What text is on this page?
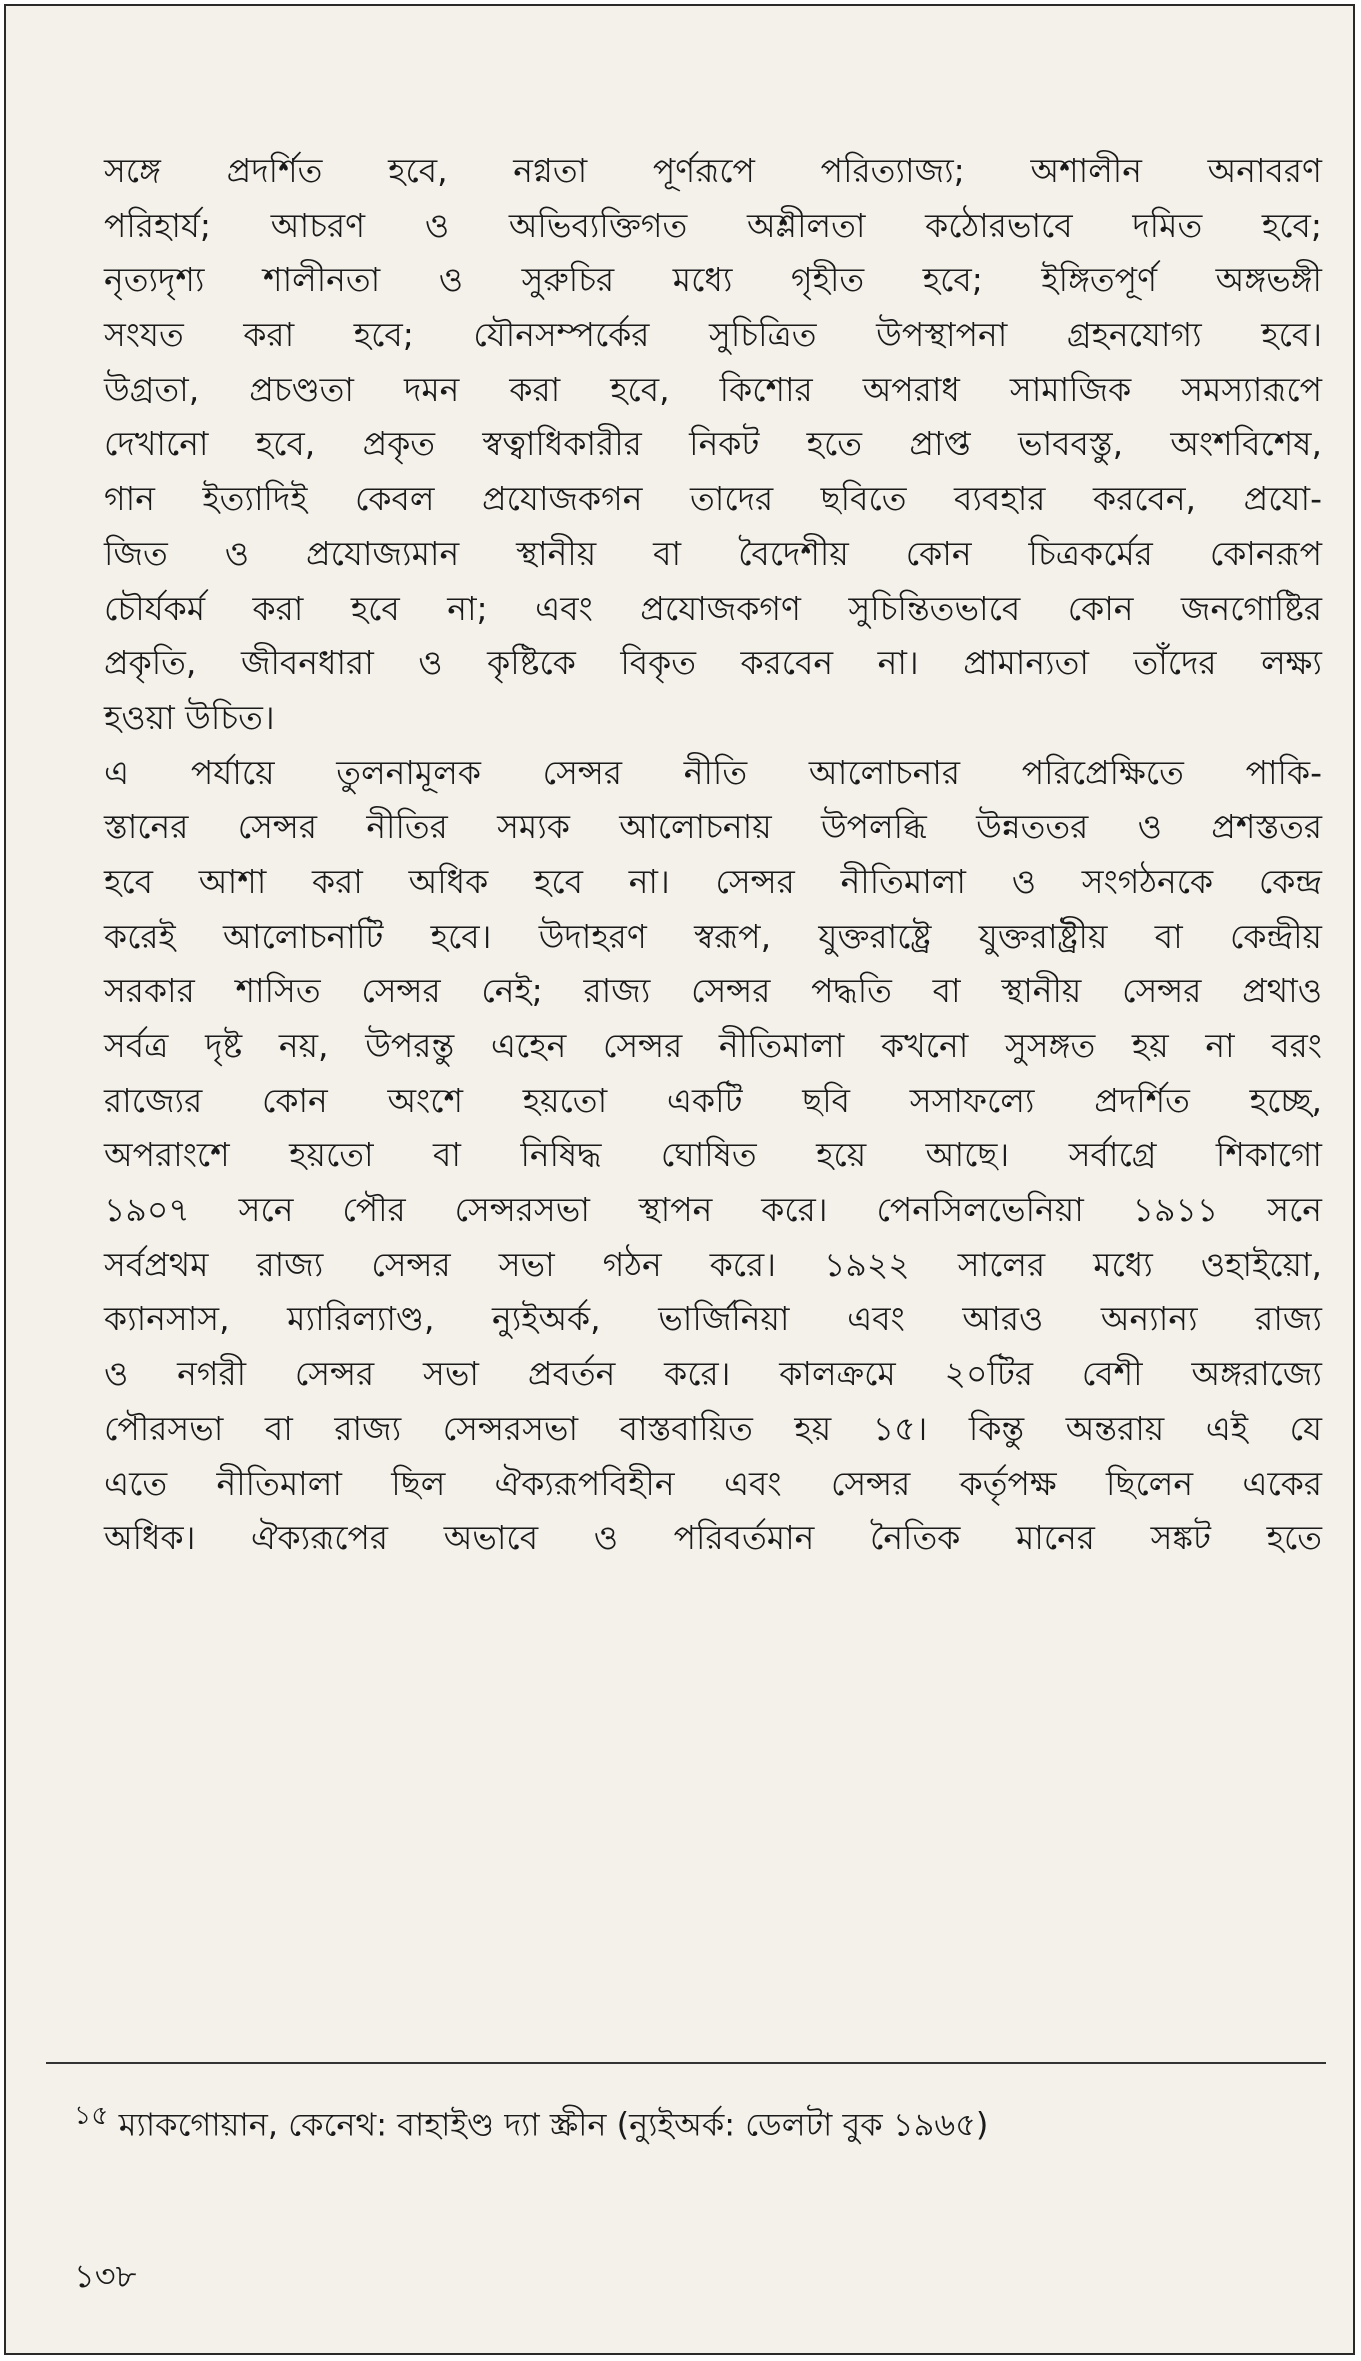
সঙ্গে প্রদর্শিত হবে, নগ্নতা পূর্ণরূপে পরিত্যাজ্য; অশালীন অনাবরণ
পরিহার্য; আচরণ ও অভিব্যক্তিগত অশ্লীলতা কঠোরভাবে দমিত হবে;
নৃত্যদৃশ্য শালীনতা ও সুরুচির মধ্যে গৃহীত হবে; ইঙ্গিতপূর্ণ অঙ্গভঙ্গী
সংযত করা হবে; যৌনসম্পর্কের সুচিত্রিত উপস্থাপনা গ্রহনযোগ্য হবে।
উগ্রতা, প্রচণ্ডতা দমন করা হবে, কিশোর অপরাধ সামাজিক সমস্যারূপে
দেখানো হবে, প্রকৃত স্বত্বাধিকারীর নিকট হতে প্রাপ্ত ভাববস্তু, অংশবিশেষ,
গান ইত্যাদিই কেবল প্রযোজকগন তাদের ছবিতে ব্যবহার করবেন, প্রযো-
জিত ও প্রযোজ্যমান স্থানীয় বা বৈদেশীয় কোন চিত্রকর্মের কোনরূপ
চৌর্যকর্ম করা হবে না; এবং প্রযোজকগণ সুচিন্তিতভাবে কোন জনগোষ্টির
প্রকৃতি, জীবনধারা ও কৃষ্টিকে বিকৃত করবেন না। প্রামান্যতা তাঁদের লক্ষ্য
হওয়া উচিত।
এ পর্যায়ে তুলনামূলক সেন্সর নীতি আলোচনার পরিপ্রেক্ষিতে পাকি-
স্তানের সেন্সর নীতির সম্যক আলোচনায় উপলব্ধি উন্নততর ও প্রশস্ততর
হবে আশা করা অধিক হবে না। সেন্সর নীতিমালা ও সংগঠনকে কেন্দ্র
করেই আলোচনাটি হবে। উদাহরণ স্বরূপ, যুক্তরাষ্ট্রে যুক্তরাষ্ট্রীয় বা কেন্দ্রীয়
সরকার শাসিত সেন্সর নেই; রাজ্য সেন্সর পদ্ধতি বা স্থানীয় সেন্সর প্রথাও
সর্বত্র দৃষ্ট নয়, উপরন্তু এহেন সেন্সর নীতিমালা কখনো সুসঙ্গত হয় না বরং
রাজ্যের কোন অংশে হয়তো একটি ছবি সসাফল্যে প্রদর্শিত হচ্ছে,
অপরাংশে হয়তো বা নিষিদ্ধ ঘোষিত হয়ে আছে। সর্বাগ্রে শিকাগো
১৯০৭ সনে পৌর সেন্সরসভা স্থাপন করে। পেনসিলভেনিয়া ১৯১১ সনে
সর্বপ্রথম রাজ্য সেন্সর সভা গঠন করে। ১৯২২ সালের মধ্যে ওহাইয়ো,
ক্যানসাস, ম্যারিল্যাণ্ড, ন্যুইঅর্ক, ভার্জিনিয়া এবং আরও অন্যান্য রাজ্য
ও নগরী সেন্সর সভা প্রবর্তন করে। কালক্রমে ২০টির বেশী অঙ্গরাজ্যে
পৌরসভা বা রাজ্য সেন্সরসভা বাস্তবায়িত হয় ১৫। কিন্তু অন্তরায় এই যে
এতে নীতিমালা ছিল ঐক্যরূপবিহীন এবং সেন্সর কর্তৃপক্ষ ছিলেন একের
অধিক। ঐক্যরূপের অভাবে ও পরিবর্তমান নৈতিক মানের সঙ্কট হতে
$^{১৫}$ ম্যাকগোয়ান, কেনেথ: বাহাইণ্ড দ্যা স্ক্রীন (ন্যুইঅর্ক: ডেলটা বুক ১৯৬৫)
১৩৮
